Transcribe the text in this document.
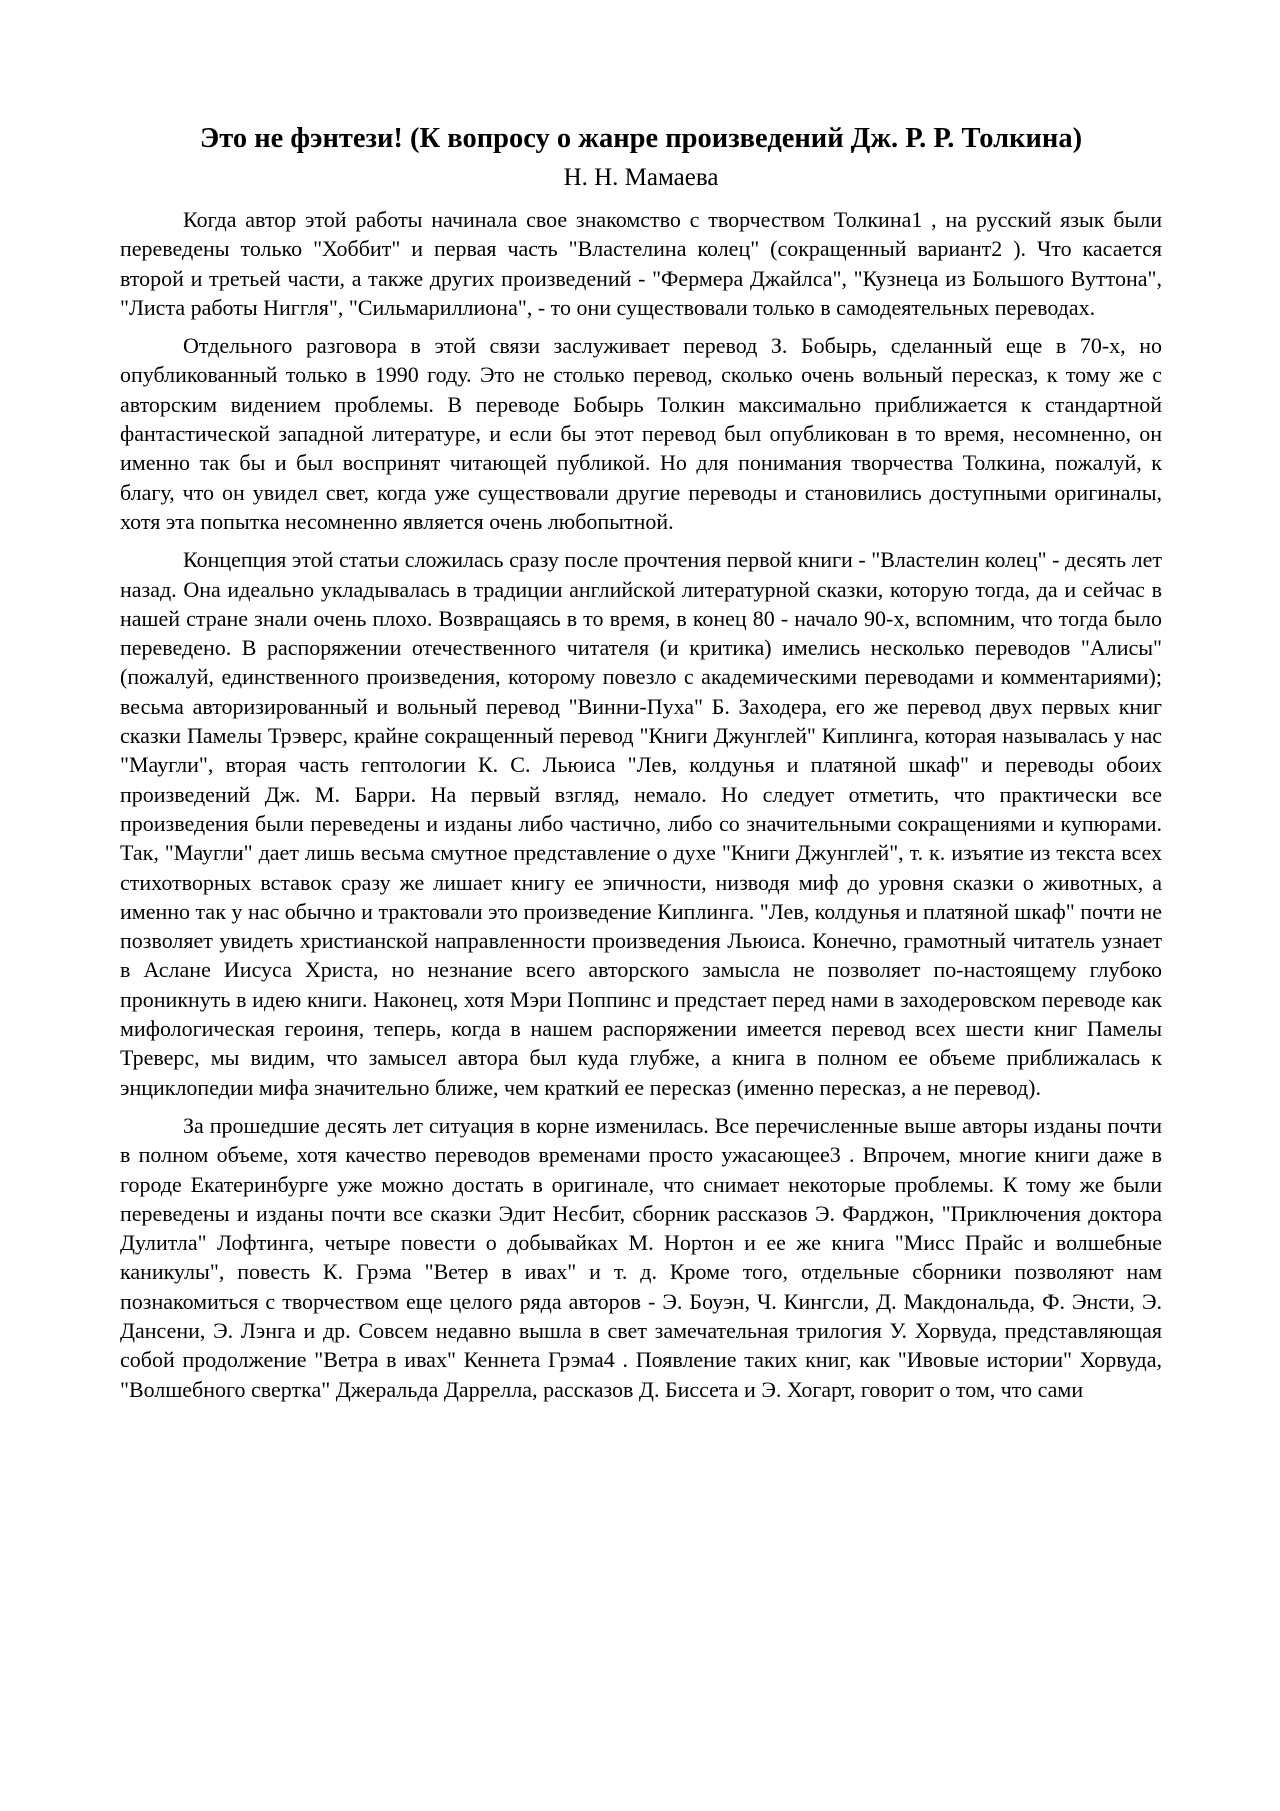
Это не фэнтези! (К вопросу о жанре произведений Дж. Р. Р. Толкина)
Н. Н. Мамаева

Когда автор этой работы начинала свое знакомство с творчеством Толкина1 , на русский язык были переведены только "Хоббит" и первая часть "Властелина колец" (сокращенный вариант2 ). Что касается второй и третьей части, а также других произведений - "Фермера Джайлса", "Кузнеца из Большого Вуттона", "Листа работы Ниггля", "Сильмариллиона", - то они существовали только в самодеятельных переводах.

Отдельного разговора в этой связи заслуживает перевод З. Бобырь, сделанный еще в 70-х, но опубликованный только в 1990 году. Это не столько перевод, сколько очень вольный пересказ, к тому же с авторским видением проблемы. В переводе Бобырь Толкин максимально приближается к стандартной фантастической западной литературе, и если бы этот перевод был опубликован в то время, несомненно, он именно так бы и был воспринят читающей публикой. Но для понимания творчества Толкина, пожалуй, к благу, что он увидел свет, когда уже существовали другие переводы и становились доступными оригиналы, хотя эта попытка несомненно является очень любопытной.

Концепция этой статьи сложилась сразу после прочтения первой книги - "Властелин колец" - десять лет назад. Она идеально укладывалась в традиции английской литературной сказки, которую тогда, да и сейчас в нашей стране знали очень плохо. Возвращаясь в то время, в конец 80 - начало 90-х, вспомним, что тогда было переведено. В распоряжении отечественного читателя (и критика) имелись несколько переводов "Алисы" (пожалуй, единственного произведения, которому повезло с академическими переводами и комментариями); весьма авторизированный и вольный перевод "Винни-Пуха" Б. Заходера, его же перевод двух первых книг сказки Памелы Трэверс, крайне сокращенный перевод "Книги Джунглей" Киплинга, которая называлась у нас "Маугли", вторая часть гептологии К. С. Льюиса "Лев, колдунья и платяной шкаф" и переводы обоих произведений Дж. М. Барри. На первый взгляд, немало. Но следует отметить, что практически все произведения были переведены и изданы либо частично, либо со значительными сокращениями и купюрами. Так, "Маугли" дает лишь весьма смутное представление о духе "Книги Джунглей", т. к. изъятие из текста всех стихотворных вставок сразу же лишает книгу ее эпичности, низводя миф до уровня сказки о животных, а именно так у нас обычно и трактовали это произведение Киплинга. "Лев, колдунья и платяной шкаф" почти не позволяет увидеть христианской направленности произведения Льюиса. Конечно, грамотный читатель узнает в Аслане Иисуса Христа, но незнание всего авторского замысла не позволяет по-настоящему глубоко проникнуть в идею книги. Наконец, хотя Мэри Поппинс и предстает перед нами в заходеровском переводе как мифологическая героиня, теперь, когда в нашем распоряжении имеется перевод всех шести книг Памелы Треверс, мы видим, что замысел автора был куда глубже, а книга в полном ее объеме приближалась к энциклопедии мифа значительно ближе, чем краткий ее пересказ (именно пересказ, а не перевод).

За прошедшие десять лет ситуация в корне изменилась. Все перечисленные выше авторы изданы почти в полном объеме, хотя качество переводов временами просто ужасающее3 . Впрочем, многие книги даже в городе Екатеринбурге уже можно достать в оригинале, что снимает некоторые проблемы. К тому же были переведены и изданы почти все сказки Эдит Несбит, сборник рассказов Э. Фарджон, "Приключения доктора Дулитла" Лофтинга, четыре повести о добывайках М. Нортон и ее же книга "Мисс Прайс и волшебные каникулы", повесть К. Грэма "Ветер в ивах" и т. д. Кроме того, отдельные сборники позволяют нам познакомиться с творчеством еще целого ряда авторов - Э. Боуэн, Ч. Кингсли, Д. Макдональда, Ф. Энсти, Э. Дансени, Э. Лэнга и др. Совсем недавно вышла в свет замечательная трилогия У. Хорвуда, представляющая собой продолжение "Ветра в ивах" Кеннета Грэма4 . Появление таких книг, как "Ивовые истории" Хорвуда, "Волшебного свертка" Джеральда Даррелла, рассказов Д. Биссета и Э. Хогарт, говорит о том, что сами
